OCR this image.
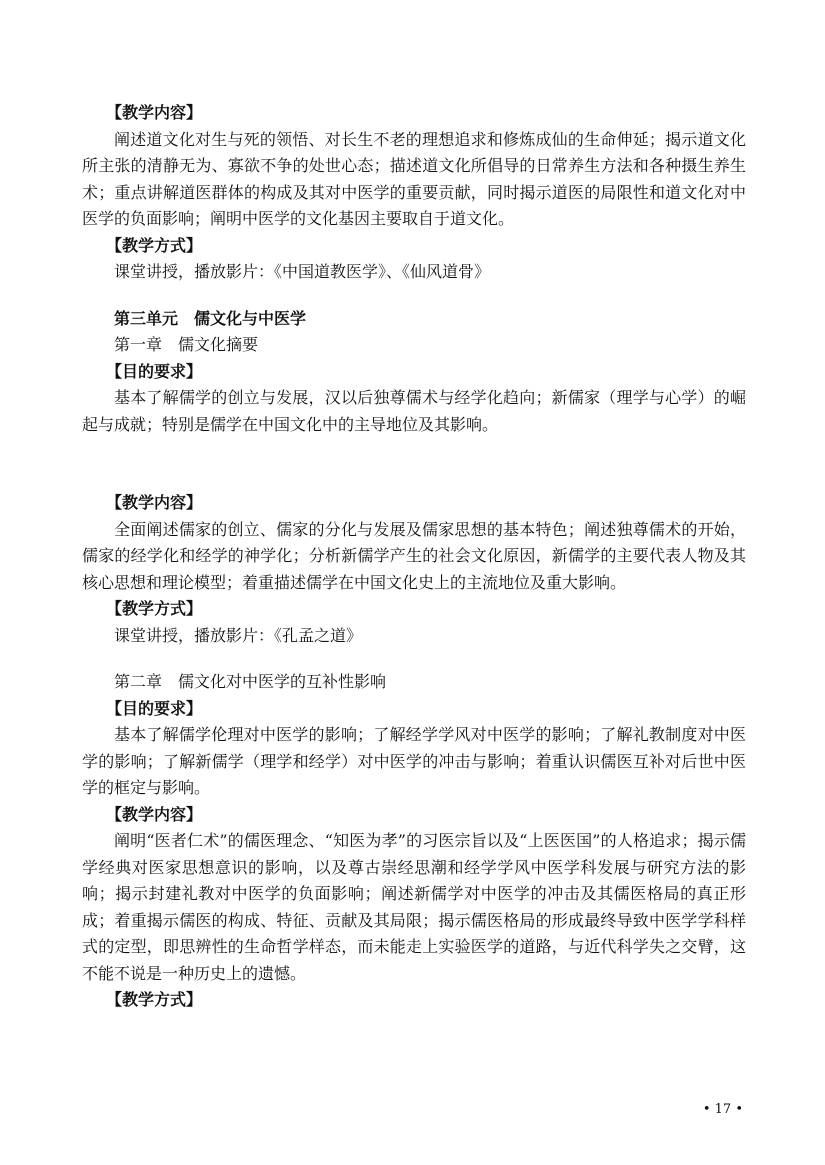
【教学内容】

阐述道文化对生与死的领悟、对长生不老的理想追求和修炼成仙的生命伸延；揭示道文化所主张的清静无为、寡欲不争的处世心态；描述道文化所倡导的日常养生方法和各种摄生养生术；重点讲解道医群体的构成及其对中医学的重要贡献，同时揭示道医的局限性和道文化对中医学的负面影响；阐明中医学的文化基因主要取自于道文化。

【教学方式】

课堂讲授，播放影片：《中国道教医学》、《仙风道骨》

第三单元　儒文化与中医学

第一章　儒文化摘要

【目的要求】

基本了解儒学的创立与发展，汉以后独尊儒术与经学化趋向；新儒家（理学与心学）的崛起与成就；特别是儒学在中国文化中的主导地位及其影响。

【教学内容】

全面阐述儒家的创立、儒家的分化与发展及儒家思想的基本特色；阐述独尊儒术的开始，儒家的经学化和经学的神学化；分析新儒学产生的社会文化原因，新儒学的主要代表人物及其核心思想和理论模型；着重描述儒学在中国文化史上的主流地位及重大影响。

【教学方式】

课堂讲授，播放影片：《孔孟之道》

第二章　儒文化对中医学的互补性影响

【目的要求】

基本了解儒学伦理对中医学的影响；了解经学学风对中医学的影响；了解礼教制度对中医学的影响；了解新儒学（理学和经学）对中医学的冲击与影响；着重认识儒医互补对后世中医学的框定与影响。

【教学内容】

阐明“医者仁术”的儒医理念、“知医为孝”的习医宗旨以及“上医医国”的人格追求；揭示儒学经典对医家思想意识的影响，以及尊古崇经思潮和经学学风中医学科发展与研究方法的影响；揭示封建礼教对中医学的负面影响；阐述新儒学对中医学的冲击及其儒医格局的真正形成；着重揭示儒医的构成、特征、贡献及其局限；揭示儒医格局的形成最终导致中医学学科样式的定型，即思辨性的生命哲学样态，而未能走上实验医学的道路，与近代科学失之交臂，这不能不说是一种历史上的遗憾。

【教学方式】

• 17 •
